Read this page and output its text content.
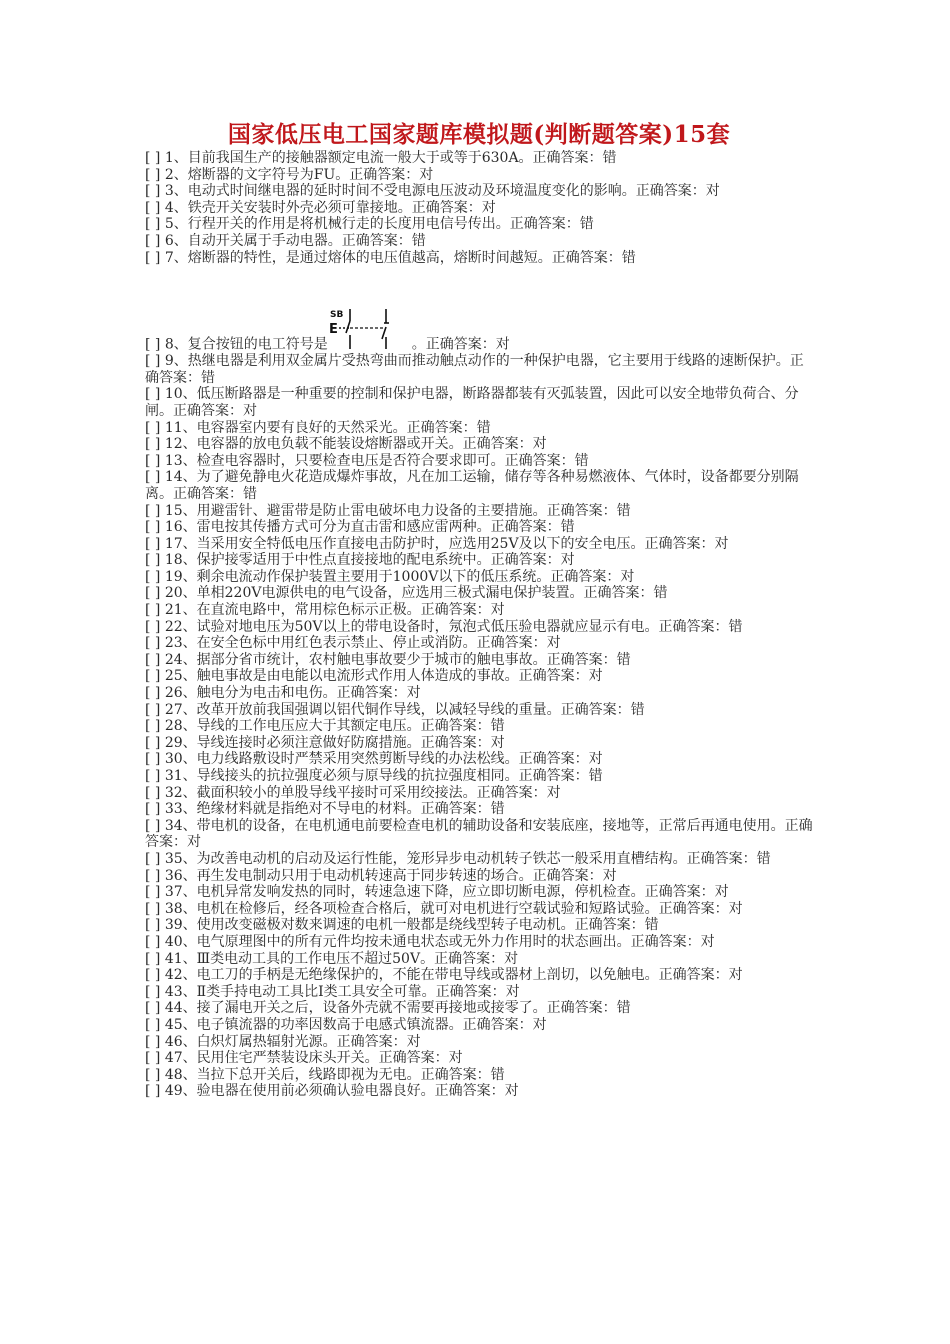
国家低压电工国家题库模拟题(判断题答案)15套
[ ] 1、目前我国生产的接触器额定电流一般大于或等于630A。正确答案：错
[ ] 2、熔断器的文字符号为FU。正确答案：对
[ ] 3、电动式时间继电器的延时时间不受电源电压波动及环境温度变化的影响。正确答案：对
[ ] 4、铁壳开关安装时外壳必须可靠接地。正确答案：对
[ ] 5、行程开关的作用是将机械行走的长度用电信号传出。正确答案：错
[ ] 6、自动开关属于手动电器。正确答案：错
[ ] 7、熔断器的特性，是通过熔体的电压值越高，熔断时间越短。正确答案：错
[ ] 8、复合按钮的电工符号是
SB
E
。正确答案：对
[ ] 9、热继电器是利用双金属片受热弯曲而推动触点动作的一种保护电器，它主要用于线路的速断保护。正确答案：错
[ ] 10、低压断路器是一种重要的控制和保护电器，断路器都装有灭弧装置，因此可以安全地带负荷合、分闸。正确答案：对
[ ] 11、电容器室内要有良好的天然采光。正确答案：错
[ ] 12、电容器的放电负载不能装设熔断器或开关。正确答案：对
[ ] 13、检查电容器时，只要检查电压是否符合要求即可。正确答案：错
[ ] 14、为了避免静电火花造成爆炸事故，凡在加工运输，储存等各种易燃液体、气体时，设备都要分别隔离。正确答案：错
[ ] 15、用避雷针、避雷带是防止雷电破坏电力设备的主要措施。正确答案：错
[ ] 16、雷电按其传播方式可分为直击雷和感应雷两种。正确答案：错
[ ] 17、当采用安全特低电压作直接电击防护时，应选用25V及以下的安全电压。正确答案：对
[ ] 18、保护接零适用于中性点直接接地的配电系统中。正确答案：对
[ ] 19、剩余电流动作保护装置主要用于1000V以下的低压系统。正确答案：对
[ ] 20、单相220V电源供电的电气设备，应选用三极式漏电保护装置。正确答案：错
[ ] 21、在直流电路中，常用棕色标示正极。正确答案：对
[ ] 22、试验对地电压为50V以上的带电设备时，氖泡式低压验电器就应显示有电。正确答案：错
[ ] 23、在安全色标中用红色表示禁止、停止或消防。正确答案：对
[ ] 24、据部分省市统计，农村触电事故要少于城市的触电事故。正确答案：错
[ ] 25、触电事故是由电能以电流形式作用人体造成的事故。正确答案：对
[ ] 26、触电分为电击和电伤。正确答案：对
[ ] 27、改革开放前我国强调以铝代铜作导线，以减轻导线的重量。正确答案：错
[ ] 28、导线的工作电压应大于其额定电压。正确答案：错
[ ] 29、导线连接时必须注意做好防腐措施。正确答案：对
[ ] 30、电力线路敷设时严禁采用突然剪断导线的办法松线。正确答案：对
[ ] 31、导线接头的抗拉强度必须与原导线的抗拉强度相同。正确答案：错
[ ] 32、截面积较小的单股导线平接时可采用绞接法。正确答案：对
[ ] 33、绝缘材料就是指绝对不导电的材料。正确答案：错
[ ] 34、带电机的设备，在电机通电前要检查电机的辅助设备和安装底座，接地等，正常后再通电使用。正确答案：对
[ ] 35、为改善电动机的启动及运行性能，笼形异步电动机转子铁芯一般采用直槽结构。正确答案：错
[ ] 36、再生发电制动只用于电动机转速高于同步转速的场合。正确答案：对
[ ] 37、电机异常发响发热的同时，转速急速下降，应立即切断电源，停机检查。正确答案：对
[ ] 38、电机在检修后，经各项检查合格后，就可对电机进行空载试验和短路试验。正确答案：对
[ ] 39、使用改变磁极对数来调速的电机一般都是绕线型转子电动机。正确答案：错
[ ] 40、电气原理图中的所有元件均按未通电状态或无外力作用时的状态画出。正确答案：对
[ ] 41、Ⅲ类电动工具的工作电压不超过50V。正确答案：对
[ ] 42、电工刀的手柄是无绝缘保护的，不能在带电导线或器材上剖切，以免触电。正确答案：对
[ ] 43、Ⅱ类手持电动工具比Ⅰ类工具安全可靠。正确答案：对
[ ] 44、接了漏电开关之后，设备外壳就不需要再接地或接零了。正确答案：错
[ ] 45、电子镇流器的功率因数高于电感式镇流器。正确答案：对
[ ] 46、白炽灯属热辐射光源。正确答案：对
[ ] 47、民用住宅严禁装设床头开关。正确答案：对
[ ] 48、当拉下总开关后，线路即视为无电。正确答案：错
[ ] 49、验电器在使用前必须确认验电器良好。正确答案：对
